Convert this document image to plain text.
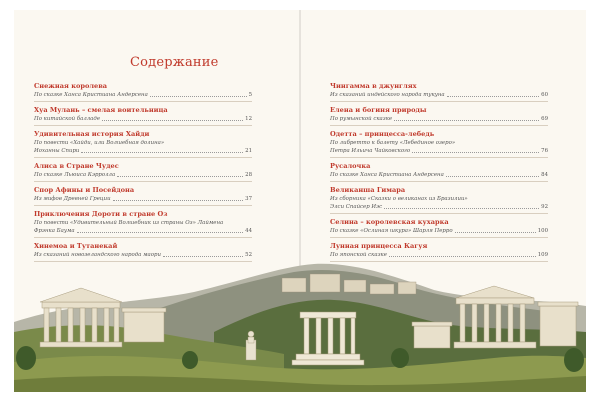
Содержание
Снежная королева
По сказке Ханса Кристиана Андерсена	5
Хуа Мулань – смелая воительница
По китайской балладе	12
Удивительная история Хайди
По повести «Хайди, или Волшебная долина»
Иоханны Спири	21
Алиса в Стране Чудес
По сказке Льюиса Кэрролла	28
Спор Афины и Посейдона
Из мифов Древней Греции	37
Приключения Дороти в стране Оз
По повести «Удивительный Волшебник из страны Оз» Лаймена
Фрэнка Баума	44
Хинемоа и Тутанекай
Из сказаний новозеландского народа маори	52
Чингамма в джунглях
Из сказаний индейского народа тукуна	60
Елена и богиня природы
По румынской сказке	69
Одетта – принцесса-лебедь
По либретто к балету «Лебединое озеро»
Петра Ильича Чайковского	76
Русалочка
По сказке Ханса Кристиана Андерсена	84
Великанша Гимара
Из сборника «Сказки о великанах из Бразилии»
Элси Спайсер Иэс	92
Селина – королевская кухарка
По сказке «Ослиная шкура» Шарля Перро	100
Лунная принцесса Кагуя
По японской сказке	109
